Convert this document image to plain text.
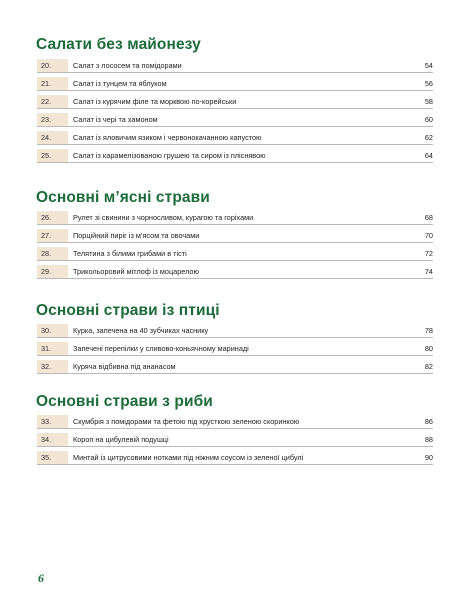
Салати без майонезу
20.	Салат з лососем та помідорами	54
21.	Салат із тунцем та яблуком	56
22.	Салат із курячим філе та морквою по-корейськи	58
23.	Салат із чері та хамоном	60
24.	Салат із яловичим язиком і червонокачанною капустою	62
25.	Салат із карамелізованою грушею та сиром із пліснявою	64
Основні м’ясні страви
26.	Рулет зі свинини з чорносливом, курагою та горіхами	68
27.	Порційний пиріг із м’ясом та овочами	70
28.	Телятина з білими грибами в тісті	72
29.	Трикольоровий мітлоф із моцарелою	74
Основні страви із птиці
30.	Курка, запечена на 40 зубчиках часнику	78
31.	Запечені перепілки у сливово-коньячному маринаді	80
32.	Куряча відбивна під ананасом	82
Основні страви з риби
33.	Скумбрія з помідорами та фетою під хрусткою зеленою скоринкою	86
34.	Короп на цибулевій подушці	88
35.	Минтай із цитрусовими нотками під ніжним соусом із зеленої цибулі	90
6
